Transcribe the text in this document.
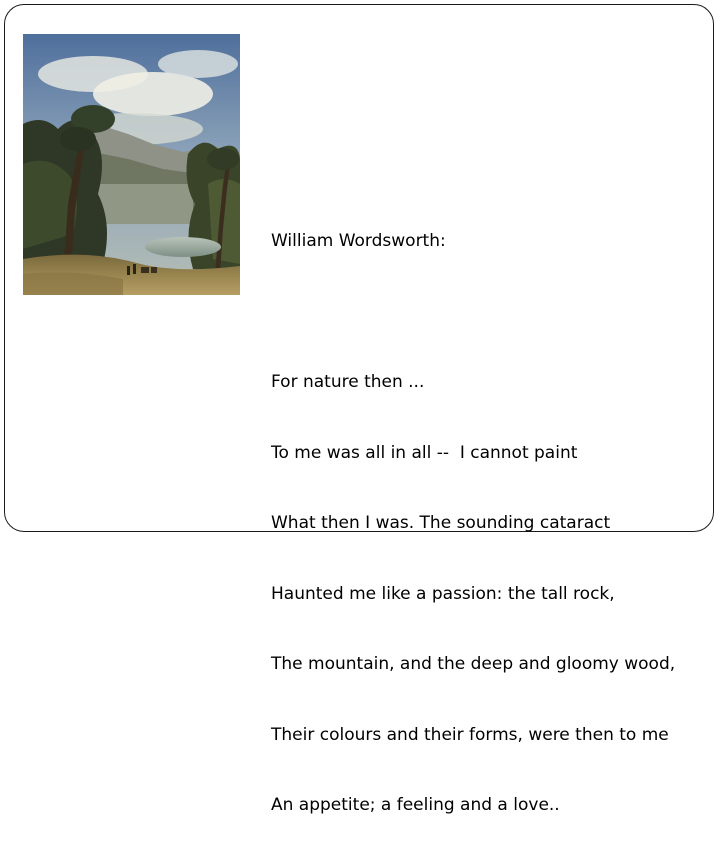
William Wordsworth:

For nature then ...

To me was all in all --  I cannot paint

What then I was. The sounding cataract

Haunted me like a passion: the tall rock,

The mountain, and the deep and gloomy wood,

Their colours and their forms, were then to me

An appetite; a feeling and a love..
